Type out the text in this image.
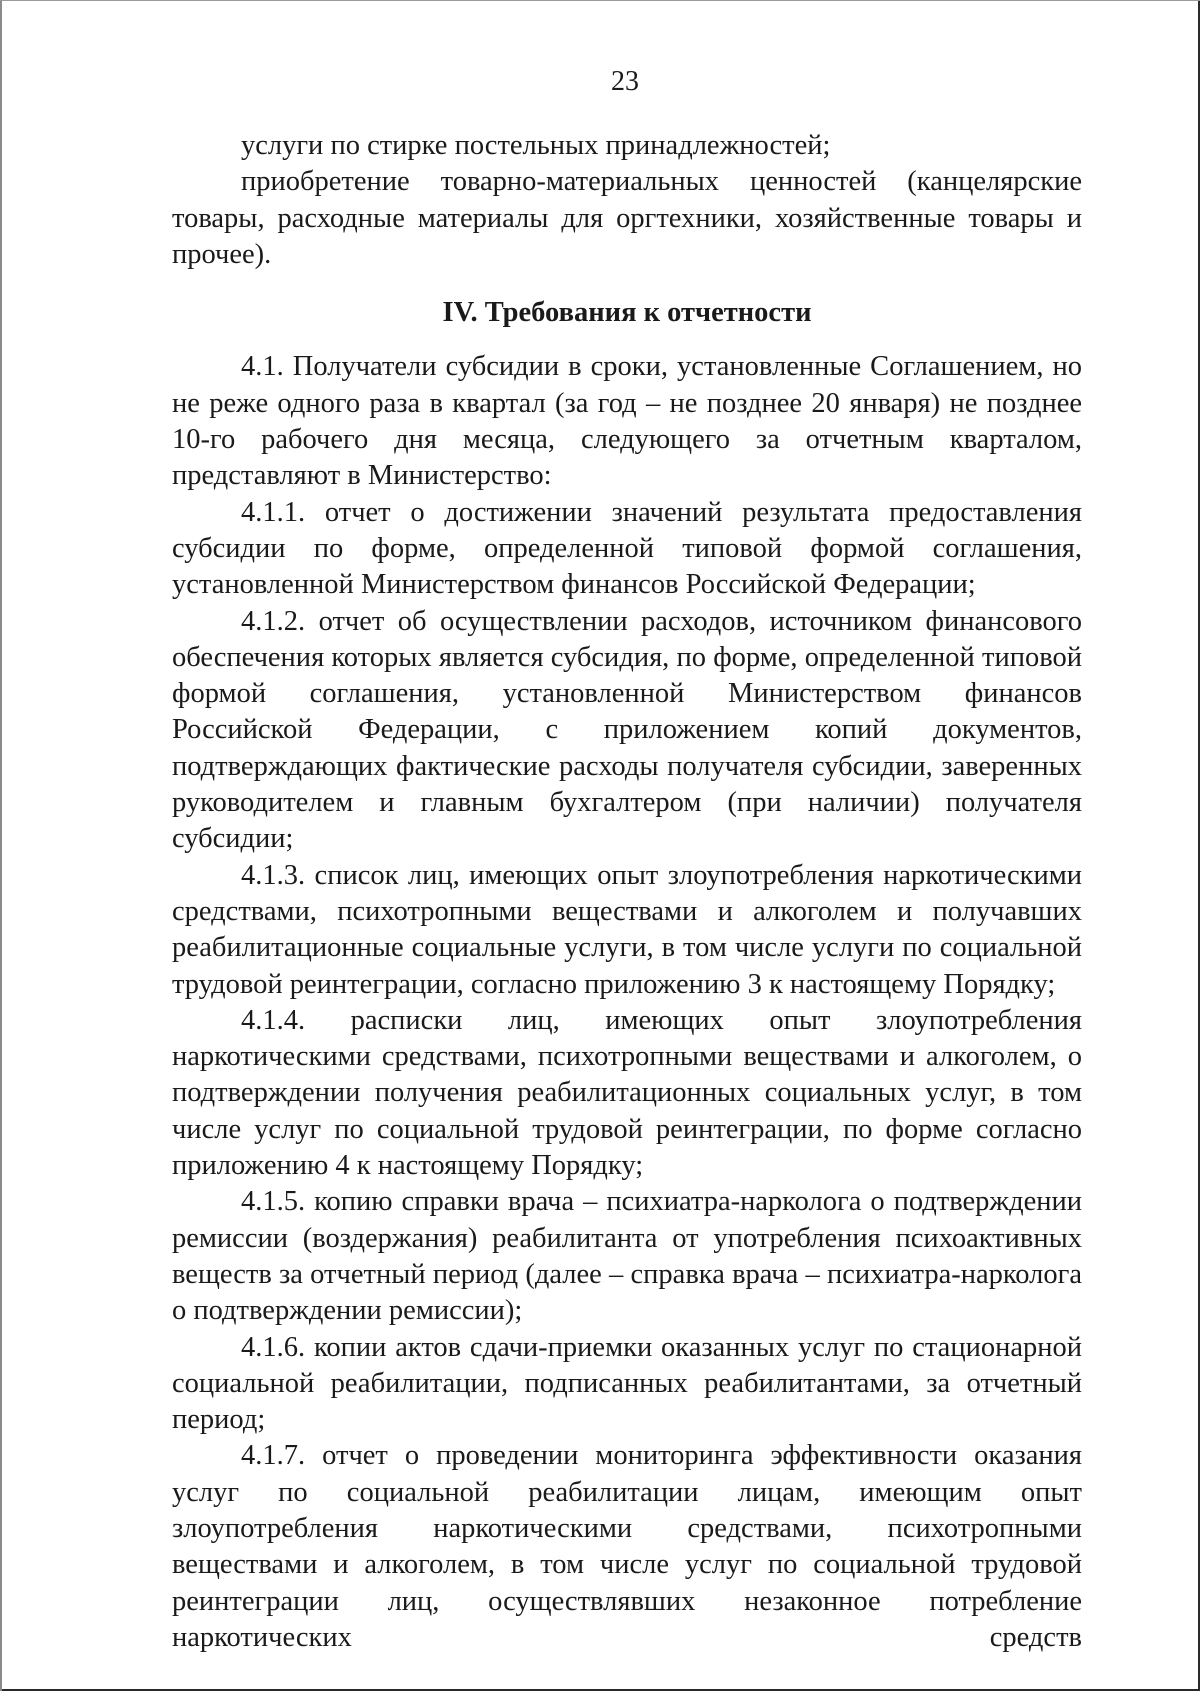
23

услуги по стирке постельных принадлежностей;

приобретение товарно-материальных ценностей (канцелярские товары, расходные материалы для оргтехники, хозяйственные товары и прочее).

IV. Требования к отчетности

4.1. Получатели субсидии в сроки, установленные Соглашением, но не реже одного раза в квартал (за год – не позднее 20 января) не позднее 10-го рабочего дня месяца, следующего за отчетным кварталом, представляют в Министерство:

4.1.1. отчет о достижении значений результата предоставления субсидии по форме, определенной типовой формой соглашения, установленной Министерством финансов Российской Федерации;

4.1.2. отчет об осуществлении расходов, источником финансового обеспечения которых является субсидия, по форме, определенной типовой формой соглашения, установленной Министерством финансов Российской Федерации, с приложением копий документов, подтверждающих фактические расходы получателя субсидии, заверенных руководителем и главным бухгалтером (при наличии) получателя субсидии;

4.1.3. список лиц, имеющих опыт злоупотребления наркотическими средствами, психотропными веществами и алкоголем и получавших реабилитационные социальные услуги, в том числе услуги по социальной трудовой реинтеграции, согласно приложению 3 к настоящему Порядку;

4.1.4. расписки лиц, имеющих опыт злоупотребления наркотическими средствами, психотропными веществами и алкоголем, о подтверждении получения реабилитационных социальных услуг, в том числе услуг по социальной трудовой реинтеграции, по форме согласно приложению 4 к настоящему Порядку;

4.1.5. копию справки врача – психиатра-нарколога о подтверждении ремиссии (воздержания) реабилитанта от употребления психоактивных веществ за отчетный период (далее – справка врача – психиатра-нарколога о подтверждении ремиссии);

4.1.6. копии актов сдачи-приемки оказанных услуг по стационарной социальной реабилитации, подписанных реабилитантами, за отчетный период;

4.1.7. отчет о проведении мониторинга эффективности оказания услуг по социальной реабилитации лицам, имеющим опыт злоупотребления наркотическими средствами, психотропными веществами и алкоголем, в том числе услуг по социальной трудовой реинтеграции лиц, осуществлявших незаконное потребление наркотических средств
